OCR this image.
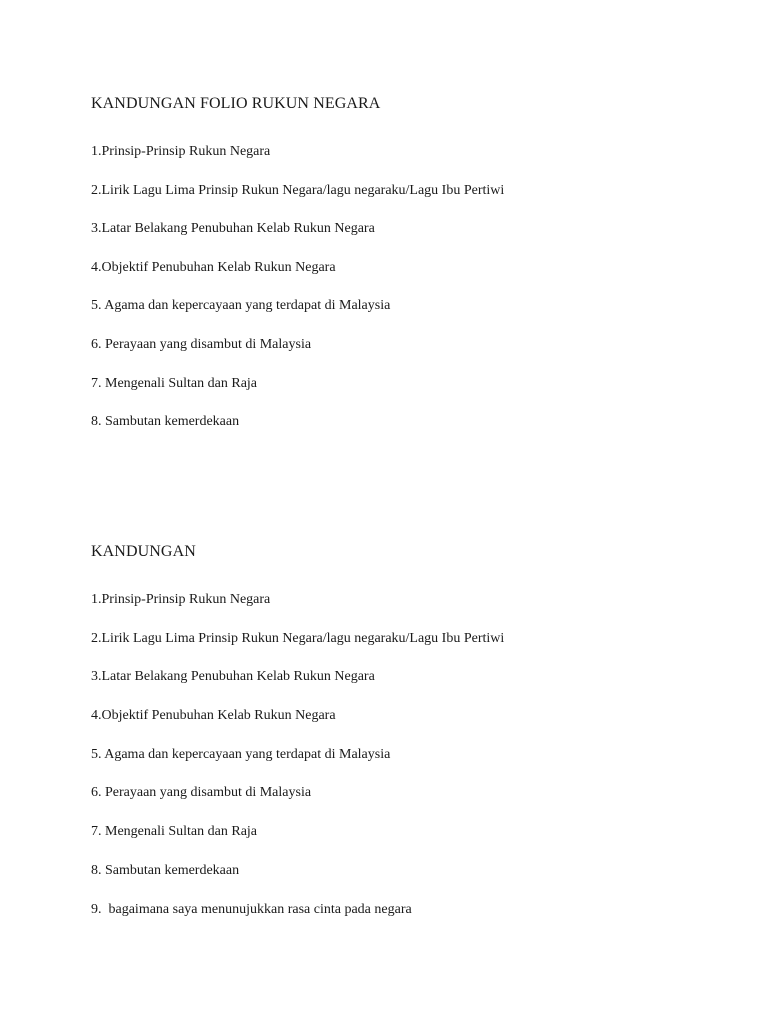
KANDUNGAN FOLIO RUKUN NEGARA
1.Prinsip-Prinsip Rukun Negara
2.Lirik Lagu Lima Prinsip Rukun Negara/lagu negaraku/Lagu Ibu Pertiwi
3.Latar Belakang Penubuhan Kelab Rukun Negara
4.Objektif Penubuhan Kelab Rukun Negara
5. Agama dan kepercayaan yang terdapat di Malaysia
6. Perayaan yang disambut di Malaysia
7. Mengenali Sultan dan Raja
8. Sambutan kemerdekaan
KANDUNGAN
1.Prinsip-Prinsip Rukun Negara
2.Lirik Lagu Lima Prinsip Rukun Negara/lagu negaraku/Lagu Ibu Pertiwi
3.Latar Belakang Penubuhan Kelab Rukun Negara
4.Objektif Penubuhan Kelab Rukun Negara
5. Agama dan kepercayaan yang terdapat di Malaysia
6. Perayaan yang disambut di Malaysia
7. Mengenali Sultan dan Raja
8. Sambutan kemerdekaan
9.  bagaimana saya menunujukkan rasa cinta pada negara
